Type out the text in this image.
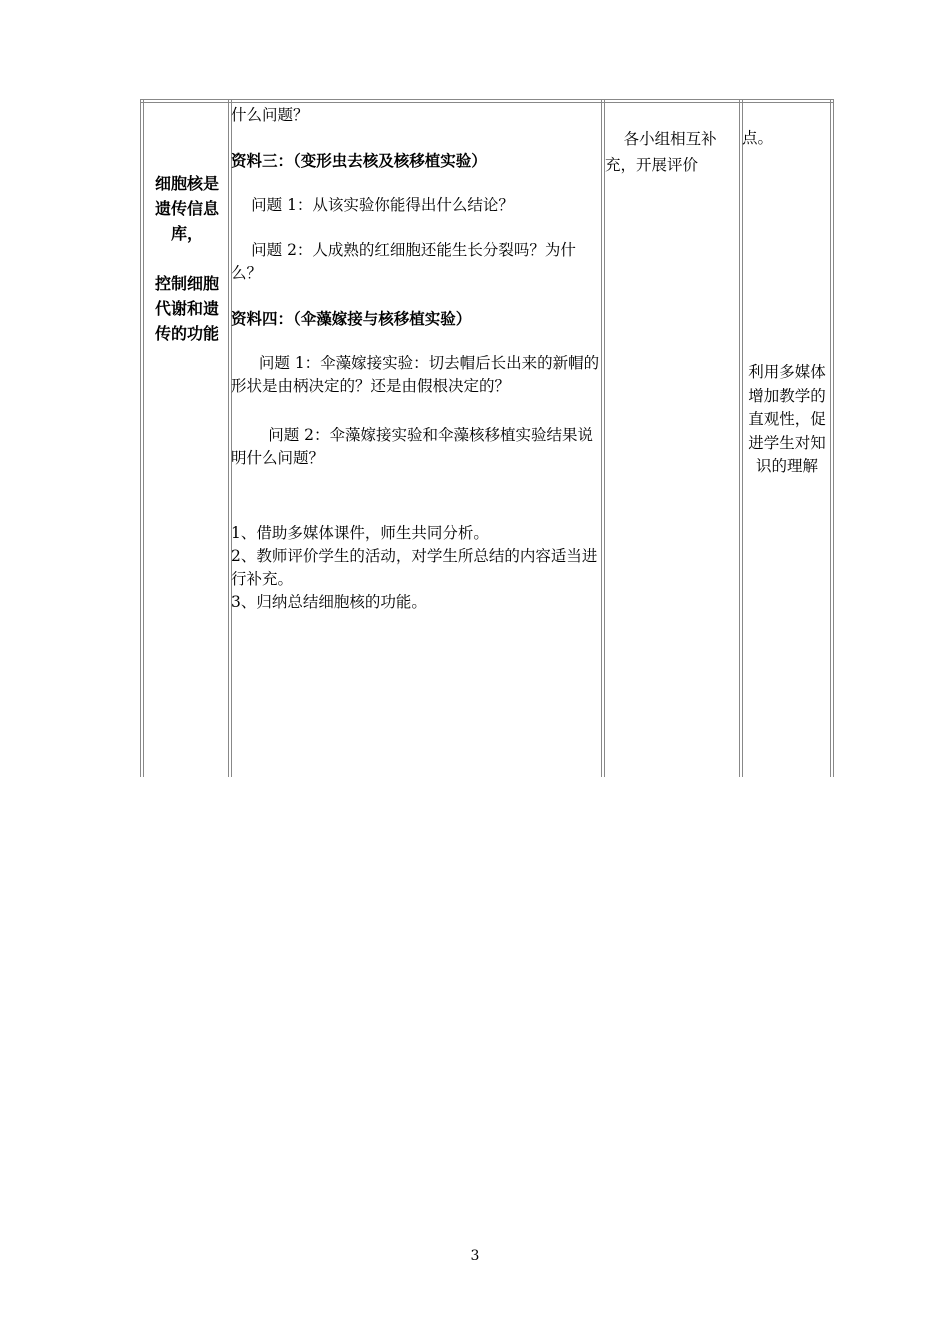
细胞核是
遗传信息
库，
控制细胞
代谢和遗
传的功能

什么问题？

资料三：（变形虫去核及核移植实验）

问题 1：从该实验你能得出什么结论？

问题 2：人成熟的红细胞还能生长分裂吗？为什么？

资料四：（伞藻嫁接与核移植实验）

问题 1：伞藻嫁接实验：切去帽后长出来的新帽的形状是由柄决定的？还是由假根决定的？

问题 2：伞藻嫁接实验和伞藻核移植实验结果说明什么问题？

1、借助多媒体课件，师生共同分析。

2、教师评价学生的活动，对学生所总结的内容适当进行补充。

3、归纳总结细胞核的功能。

各小组相互补充，开展评价

点。
利用多媒体增加教学的直观性，促进学生对知识的理解
3
